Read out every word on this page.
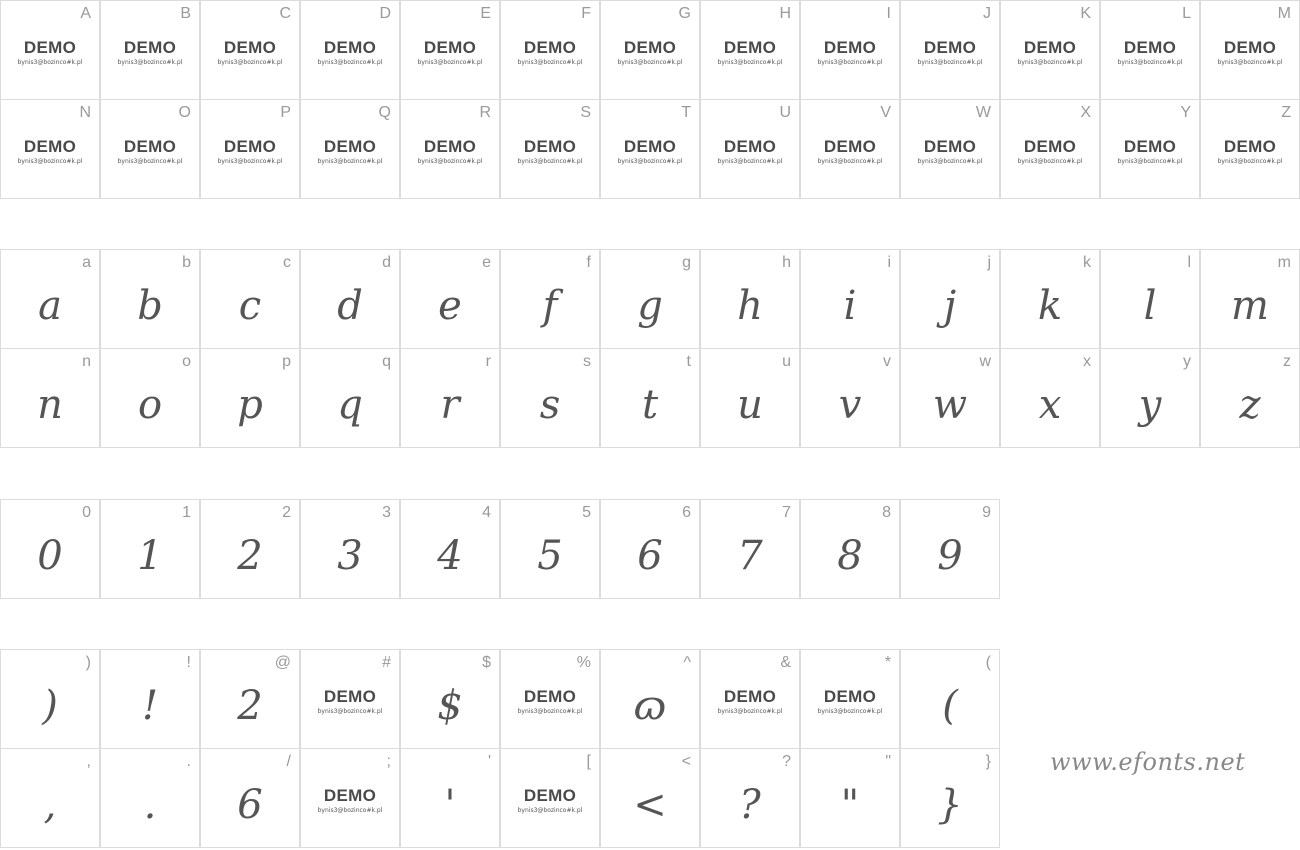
A
DEMO
bynis3@bozinco#k.pl
B
DEMO
bynis3@bozinco#k.pl
C
DEMO
bynis3@bozinco#k.pl
D
DEMO
bynis3@bozinco#k.pl
E
DEMO
bynis3@bozinco#k.pl
F
DEMO
bynis3@bozinco#k.pl
G
DEMO
bynis3@bozinco#k.pl
H
DEMO
bynis3@bozinco#k.pl
I
DEMO
bynis3@bozinco#k.pl
J
DEMO
bynis3@bozinco#k.pl
K
DEMO
bynis3@bozinco#k.pl
L
DEMO
bynis3@bozinco#k.pl
M
DEMO
bynis3@bozinco#k.pl
N
DEMO
bynis3@bozinco#k.pl
O
DEMO
bynis3@bozinco#k.pl
P
DEMO
bynis3@bozinco#k.pl
Q
DEMO
bynis3@bozinco#k.pl
R
DEMO
bynis3@bozinco#k.pl
S
DEMO
bynis3@bozinco#k.pl
T
DEMO
bynis3@bozinco#k.pl
U
DEMO
bynis3@bozinco#k.pl
V
DEMO
bynis3@bozinco#k.pl
W
DEMO
bynis3@bozinco#k.pl
X
DEMO
bynis3@bozinco#k.pl
Y
DEMO
bynis3@bozinco#k.pl
Z
DEMO
bynis3@bozinco#k.pl
a
a
b
b
c
c
d
d
e
e
f
f
g
g
h
h
i
i
j
j
k
k
l
l
m
m
n
n
o
o
p
p
q
q
r
r
s
s
t
t
u
u
v
v
w
w
x
x
y
y
z
z
0
0
1
1
2
2
3
3
4
4
5
5
6
6
7
7
8
8
9
9
)
)
!
!
@
2
#
DEMO
bynis3@bozinco#k.pl
$
$
%
DEMO
bynis3@bozinco#k.pl
^
ɷ
&
DEMO
bynis3@bozinco#k.pl
*
DEMO
bynis3@bozinco#k.pl
(
(
,
,
.
.
/
6
;
DEMO
bynis3@bozinco#k.pl
'
'
[
DEMO
bynis3@bozinco#k.pl
<
<
?
?
"
"
}
}
www.efonts.net
